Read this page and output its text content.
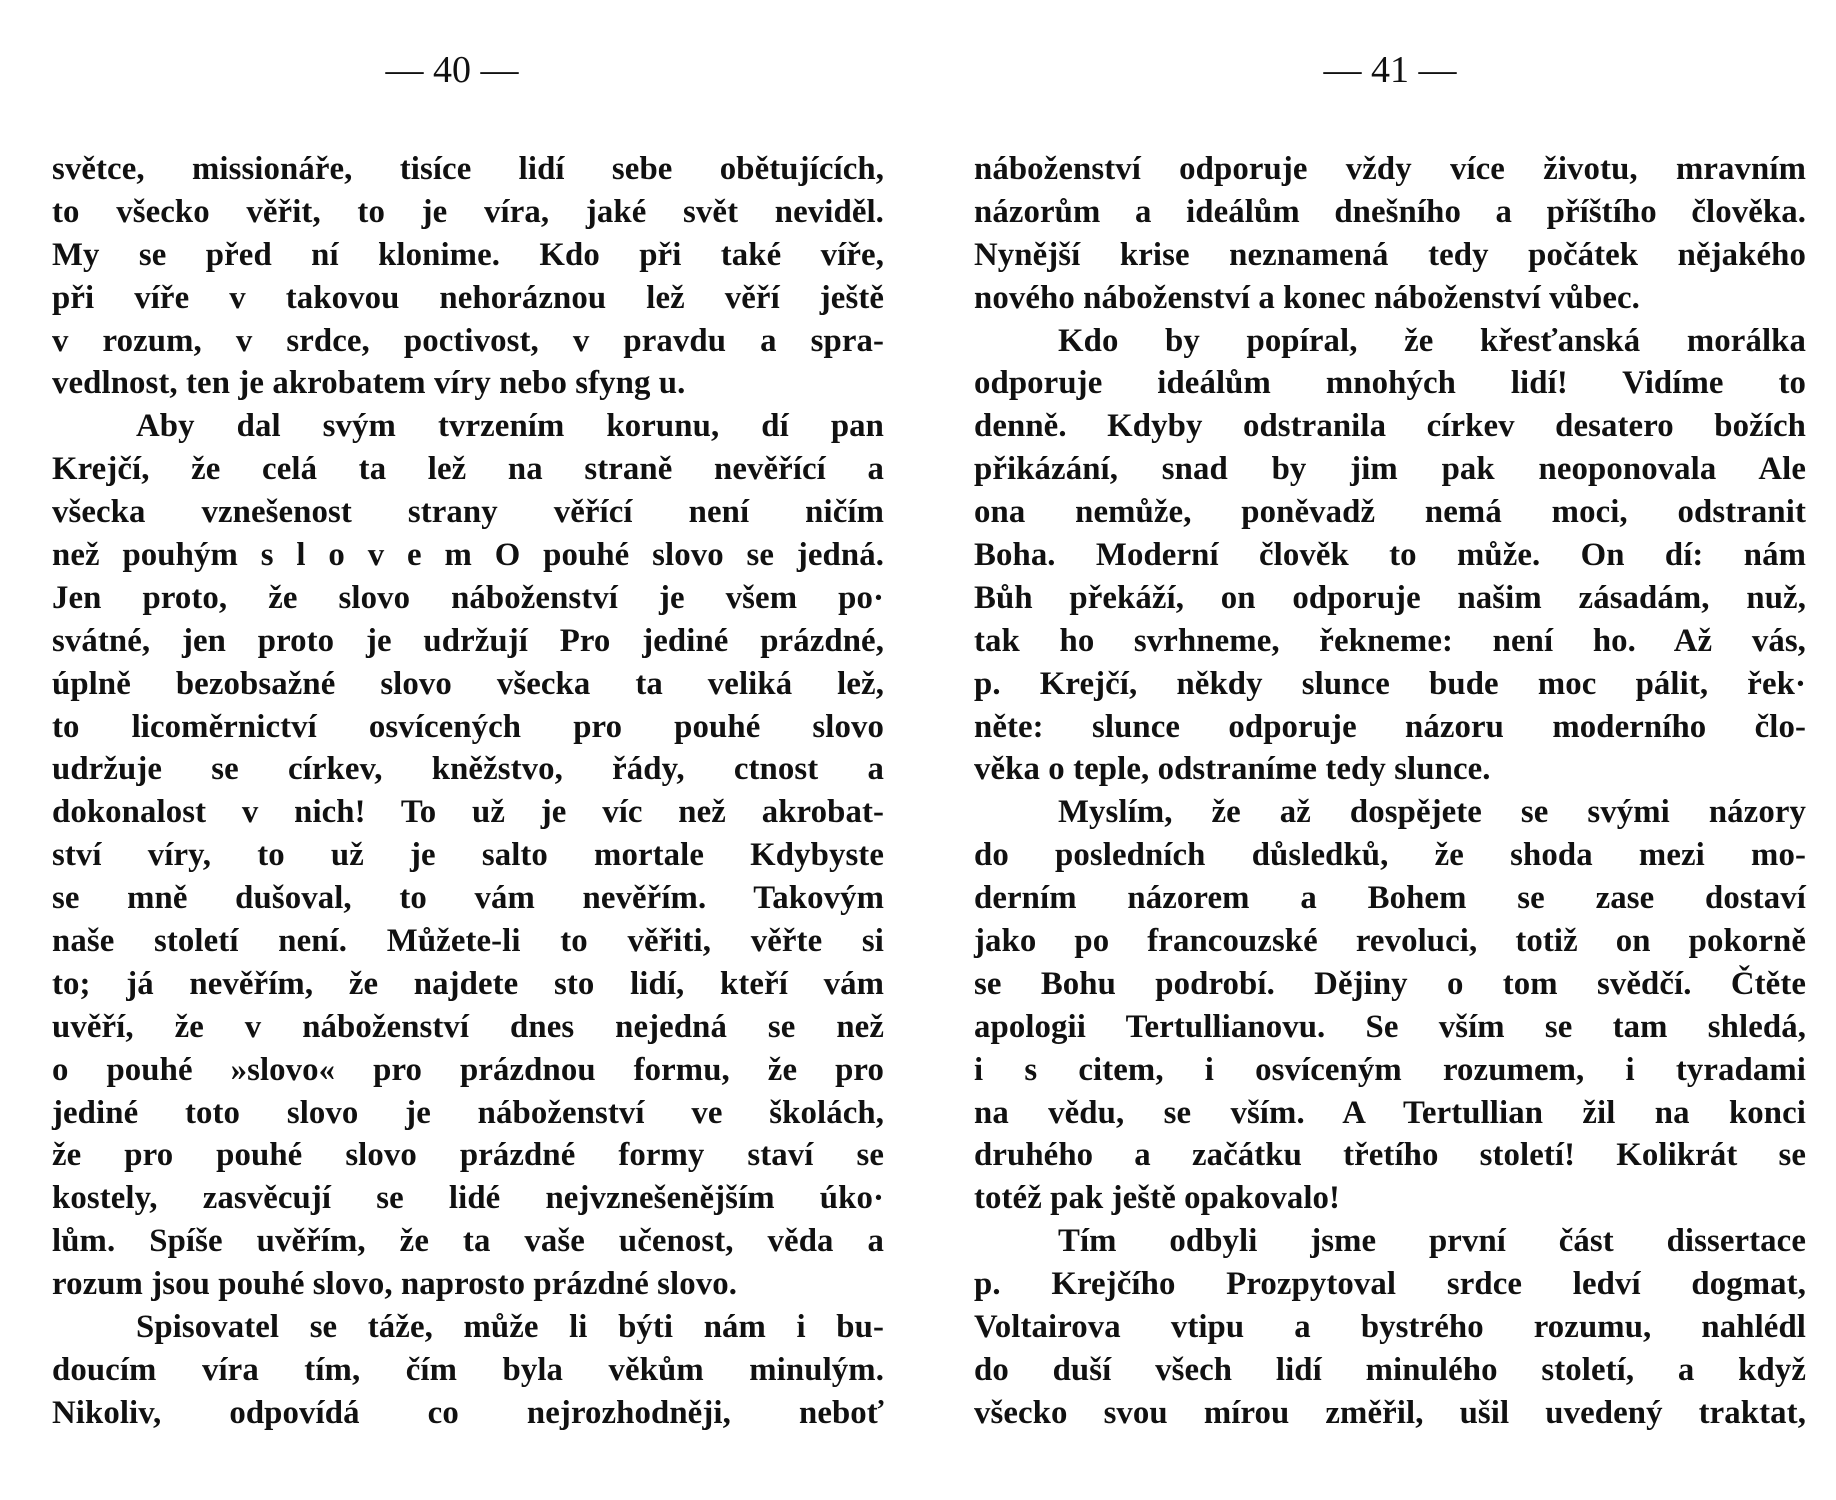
— 40 —
světce, missionáře, tisíce lidí sebe obětujících,
to všecko věřit, to je víra, jaké svět neviděl.
My se před ní klonime. Kdo při také víře,
při víře v takovou nehoráznou lež věří ještě
v rozum, v srdce, poctivost, v pravdu a spra-
vedlnost, ten je akrobatem víry nebo sfyng u.
Aby dal svým tvrzením korunu, dí pan
Krejčí, že celá ta lež na straně nevěřící a
všecka vznešenost strany věřící není ničím
než pouhým s l o v e m O pouhé slovo se jedná.
Jen proto, že slovo náboženství je všem po·
svátné, jen proto je udržují Pro jediné prázdné,
úplně bezobsažné slovo všecka ta veliká lež,
to licoměrnictví osvícených pro pouhé slovo
udržuje se církev, kněžstvo, řády, ctnost a
dokonalost v nich! To už je víc než akrobat-
ství víry, to už je salto mortale Kdybyste
se mně dušoval, to vám nevěřím. Takovým
naše století není. Můžete-li to věřiti, věřte si
to; já nevěřím, že najdete sto lidí, kteří vám
uvěří, že v náboženství dnes nejedná se než
o pouhé »slovo« pro prázdnou formu, že pro
jediné toto slovo je náboženství ve školách,
že pro pouhé slovo prázdné formy staví se
kostely, zasvěcují se lidé nejvznešenějším úko·
lům. Spíše uvěřím, že ta vaše učenost, věda a
rozum jsou pouhé slovo, naprosto prázdné slovo.
Spisovatel se táže, může li býti nám i bu-
doucím víra tím, čím byla věkům minulým.
Nikoliv, odpovídá co nejrozhodněji, neboť
— 41 —
náboženství odporuje vždy více životu, mravním
názorům a ideálům dnešního a příštího člověka.
Nynější krise neznamená tedy počátek nějakého
nového náboženství a konec náboženství vůbec.
Kdo by popíral, že křesťanská morálka
odporuje ideálům mnohých lidí! Vidíme to
denně. Kdyby odstranila církev desatero božích
přikázání, snad by jim pak neoponovala Ale
ona nemůže, poněvadž nemá moci, odstranit
Boha. Moderní člověk to může. On dí: nám
Bůh překáží, on odporuje našim zásadám, nuž,
tak ho svrhneme, řekneme: není ho. Až vás,
p. Krejčí, někdy slunce bude moc pálit, řek·
něte: slunce odporuje názoru moderního člo-
věka o teple, odstraníme tedy slunce.
Myslím, že až dospějete se svými názory
do posledních důsledků, že shoda mezi mo-
derním názorem a Bohem se zase dostaví
jako po francouzské revoluci, totiž on pokorně
se Bohu podrobí. Dějiny o tom svědčí. Čtěte
apologii Tertullianovu. Se vším se tam shledá,
i s citem, i osvíceným rozumem, i tyradami
na vědu, se vším. A Tertullian žil na konci
druhého a začátku třetího století! Kolikrát se
totéž pak ještě opakovalo!
Tím odbyli jsme první část dissertace
p. Krejčího Prozpytoval srdce ledví dogmat,
Voltairova vtipu a bystrého rozumu, nahlédl
do duší všech lidí minulého století, a když
všecko svou mírou změřil, ušil uvedený traktat,
